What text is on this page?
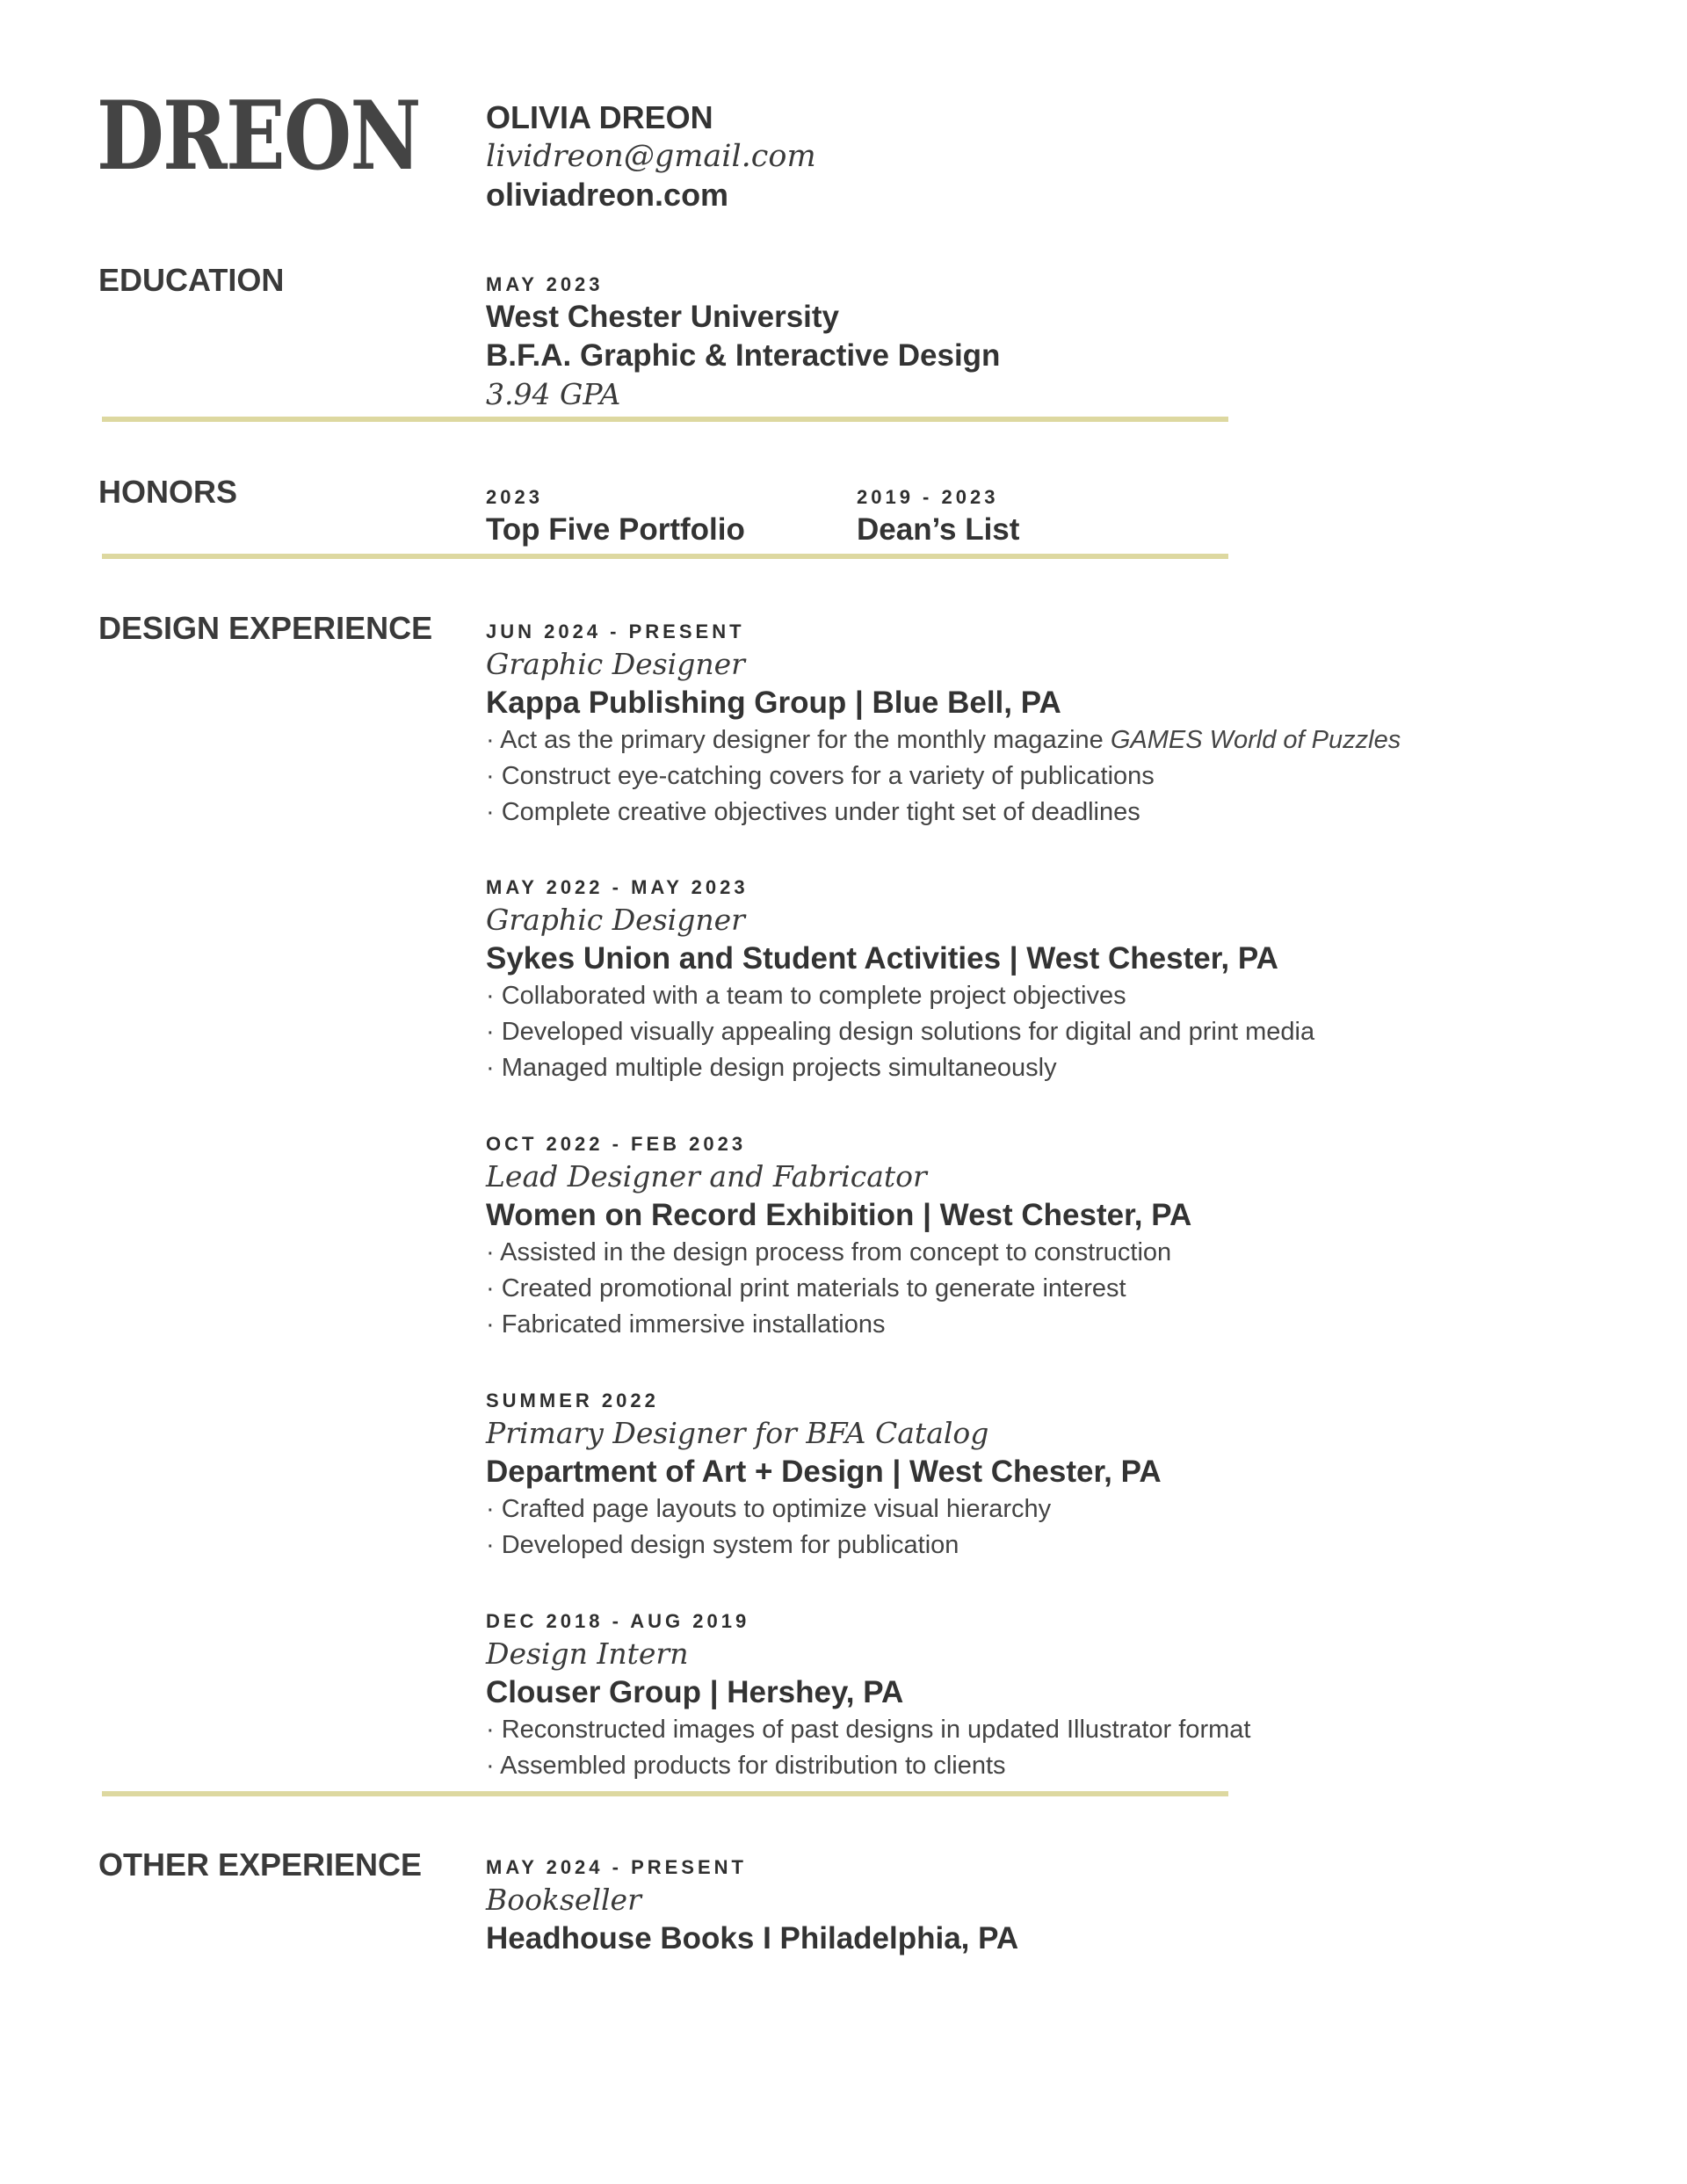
DREON OLIVIA DREON
lividreon@gmail.com
oliviadreon.com
EDUCATION	MAY 2023
West Chester University
B.F.A. Graphic & Interactive Design
3.94 GPA
HONORS	2023
Top Five Portfolio
2019 - 2023
Dean’s List
DESIGN EXPERIENCE	JUN 2024 - PRESENT
Graphic Designer
Kappa Publishing Group | Blue Bell, PA
· Act as the primary designer for the monthly magazine GAMES World of Puzzles
· Construct eye-catching covers for a variety of publications
· Complete creative objectives under tight set of deadlines
MAY 2022 - MAY 2023
Graphic Designer
Sykes Union and Student Activities | West Chester, PA
· Collaborated with a team to complete project objectives
· Developed visually appealing design solutions for digital and print media
· Managed multiple design projects simultaneously
OCT 2022 - FEB 2023
Lead Designer and Fabricator
Women on Record Exhibition | West Chester, PA
· Assisted in the design process from concept to construction
· Created promotional print materials to generate interest
· Fabricated immersive installations
SUMMER 2022
Primary Designer for BFA Catalog
Department of Art + Design | West Chester, PA
· Crafted page layouts to optimize visual hierarchy
· Developed design system for publication
DEC 2018 - AUG 2019
Design Intern
Clouser Group | Hershey, PA
· Reconstructed images of past designs in updated Illustrator format
· Assembled products for distribution to clients
OTHER EXPERIENCE	MAY 2024 - PRESENT
Bookseller
Headhouse Books I Philadelphia, PA
